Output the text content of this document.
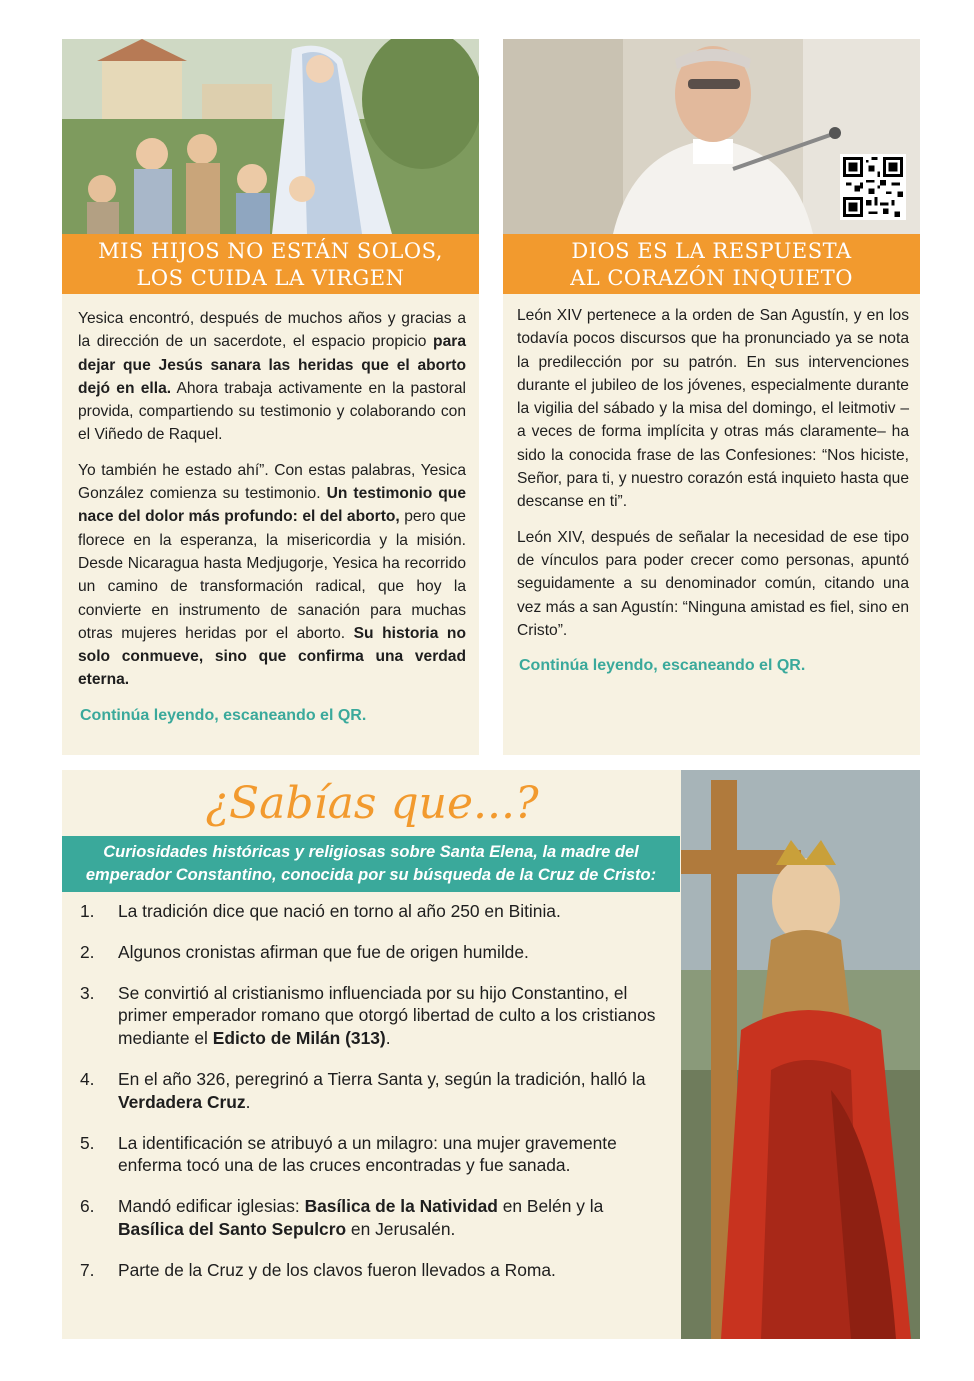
MIS HIJOS NO ESTÁN SOLOS,
LOS CUIDA LA VIRGEN

Yesica encontró, después de muchos años y gracias a la dirección de un sacerdote, el espacio propicio para dejar que Jesús sanara las heridas que el aborto dejó en ella. Ahora trabaja activamente en la pastoral provida, compartiendo su testimonio y colaborando con el Viñedo de Raquel.

Yo también he estado ahí”. Con estas palabras, Yesica González comienza su testimonio. Un testimonio que nace del dolor más profundo: el del aborto, pero que florece en la esperanza, la misericordia y la misión. Desde Nicaragua hasta Medjugorje, Yesica ha recorrido un camino de transformación radical, que hoy la convierte en instrumento de sanación para muchas otras mujeres heridas por el aborto. Su historia no solo conmueve, sino que confirma una verdad eterna.

Continúa leyendo, escaneando el QR.
DIOS ES LA RESPUESTA
AL CORAZÓN INQUIETO

León XIV pertenece a la orden de San Agustín, y en los todavía pocos discursos que ha pronunciado ya se nota la predilección por su patrón. En sus intervenciones durante el jubileo de los jóvenes, especialmente durante la vigilia del sábado y la misa del domingo, el leitmotiv –a veces de forma implícita y otras más claramente– ha sido la conocida frase de las Confesiones: “Nos hiciste, Señor, para ti, y nuestro corazón está inquieto hasta que descanse en ti”.

León XIV, después de señalar la necesidad de ese tipo de vínculos para poder crecer como personas, apuntó seguidamente a su denominador común, citando una vez más a san Agustín: “Ninguna amistad es fiel, sino en Cristo”.

Continúa leyendo, escaneando el QR.
¿Sabías que...?
Curiosidades históricas y religiosas sobre Santa Elena, la madre del
emperador Constantino, conocida por su búsqueda de la Cruz de Cristo:
1.	La tradición dice que nació en torno al año 250 en Bitinia.
2.	Algunos cronistas afirman que fue de origen humilde.
3.	Se convirtió al cristianismo influenciada por su hijo Constantino, el primer emperador romano que otorgó libertad de culto a los cristianos mediante el Edicto de Milán (313).
4.	En el año 326, peregrinó a Tierra Santa y, según la tradición, halló la Verdadera Cruz.
5.	La identificación se atribuyó a un milagro: una mujer gravemente enferma tocó una de las cruces encontradas y fue sanada.
6.	Mandó edificar iglesias: Basílica de la Natividad en Belén y la Basílica del Santo Sepulcro en Jerusalén.
7.	Parte de la Cruz y de los clavos fueron llevados a Roma.
